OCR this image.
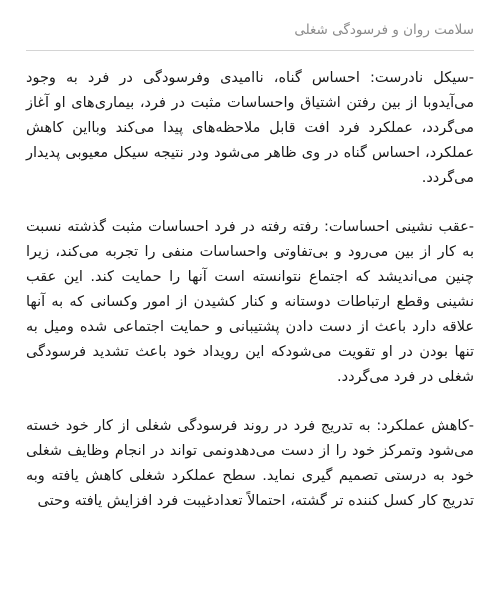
سلامت روان و فرسودگی شغلی

-سیکل نادرست: احساس گناه، ناامیدی وفرسودگی در فرد به وجود می‌آیدوبا از بین رفتن اشتیاق واحساسات مثبت در فرد، بیماری‌های او آغاز می‌گردد، عملکرد فرد افت قابل ملاحظه‌های پیدا می‌کند وبااین کاهش عملکرد، احساس گناه در وی ظاهر می‌شود ودر نتیجه سیکل معیوبی پدیدار می‌گردد.

-عقب نشینی احساسات: رفته رفته در فرد احساسات مثبت گذشته نسبت به کار از بین می‌رود و بی‌تفاوتی واحساسات منفی را تجربه می‌کند، زیرا چنین می‌اندیشد که اجتماع نتوانسته است آنها را حمایت کند. این عقب نشینی وقطع ارتباطات دوستانه و کنار کشیدن از امور وکسانی که به آنها علاقه دارد باعث از دست دادن پشتیبانی و حمایت اجتماعی شده ومیل به تنها بودن در او تقویت می‌شودکه این رویداد خود باعث تشدید فرسودگی شغلی در فرد می‌گردد.

-کاهش عملکرد: به تدریج فرد در روند فرسودگی شغلی از کار خود خسته می‌شود وتمرکز خود را از دست می‌دهدونمی تواند در انجام وظایف شغلی خود به درستی تصمیم گیری نماید. سطح عملکرد شغلی کاهش یافته وبه تدریج کار کسل کننده تر گشته، احتمالاً تعدادغیبت فرد افزایش یافته وحتی
